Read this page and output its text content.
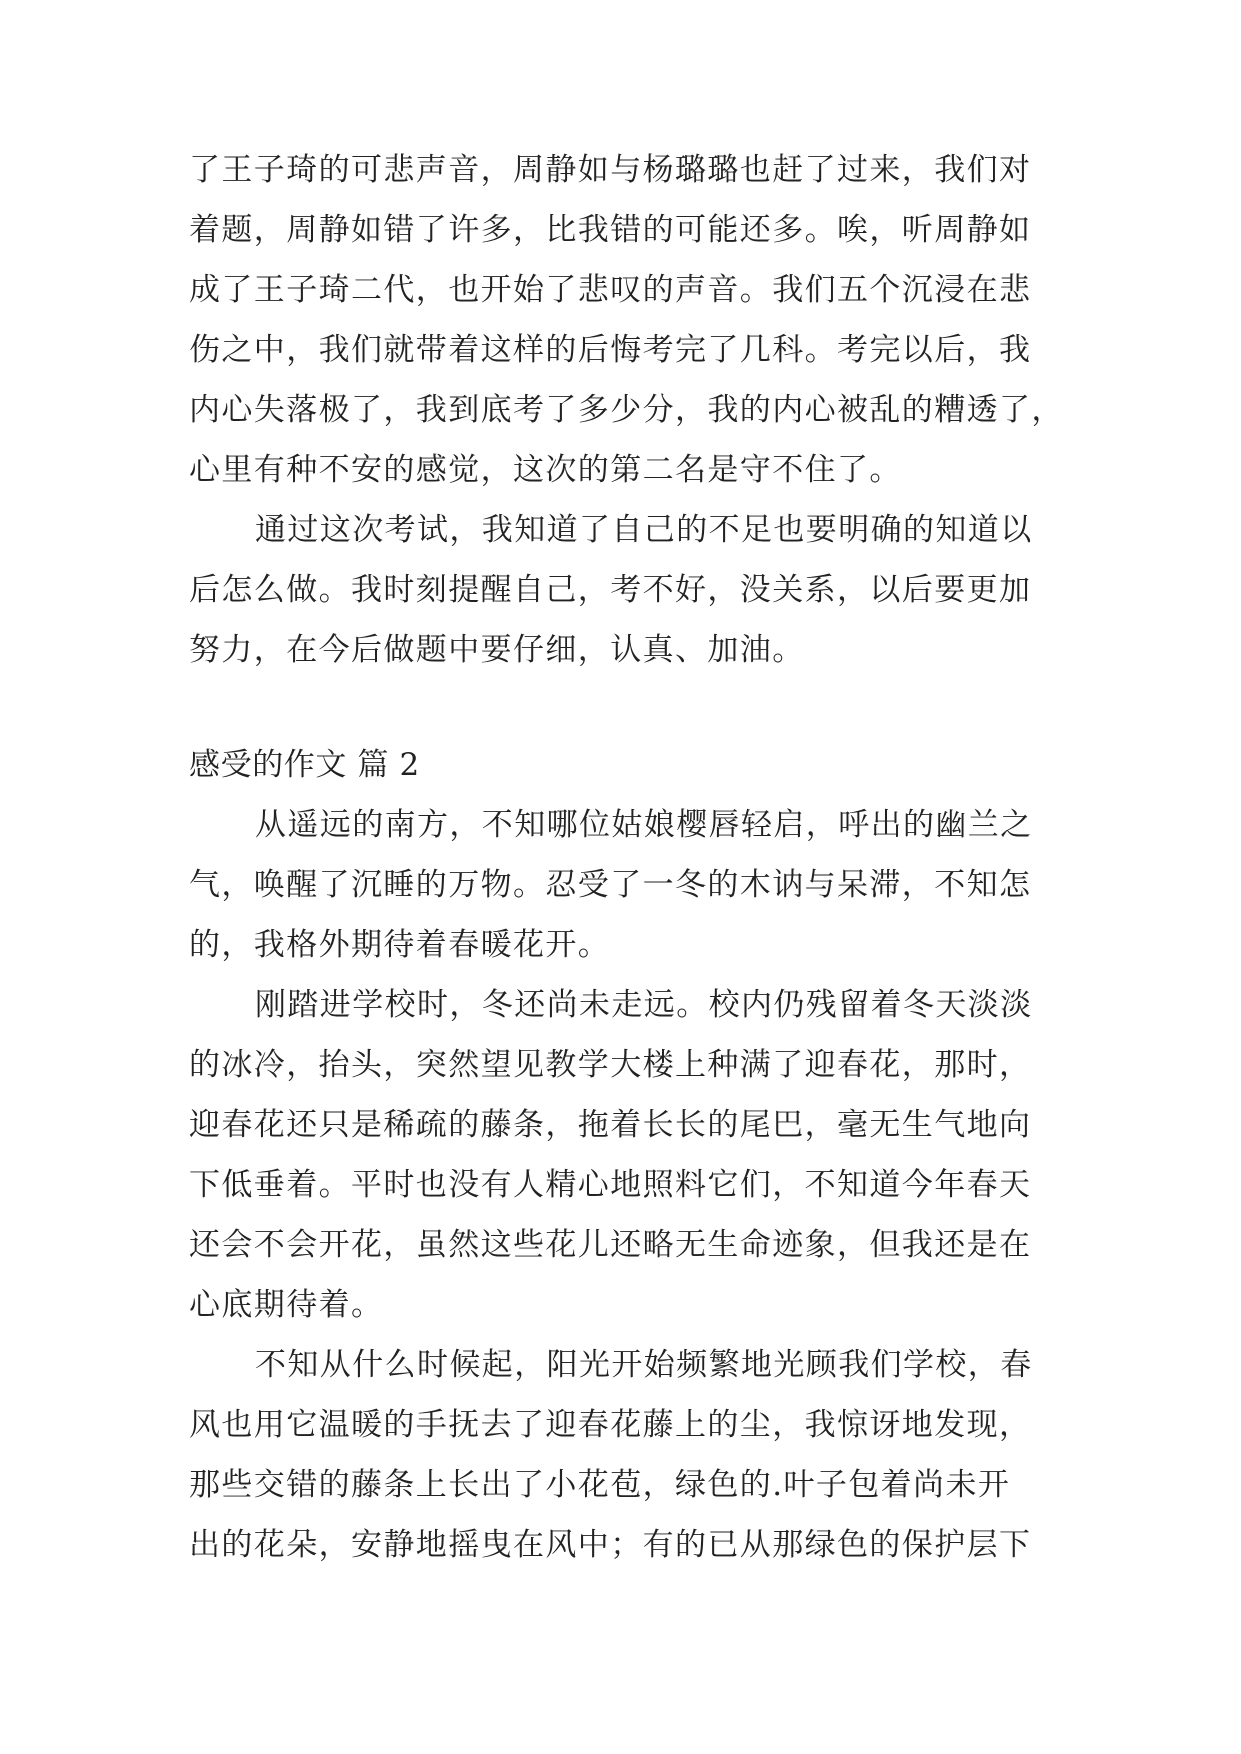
了王子琦的可悲声音，周静如与杨璐璐也赶了过来，我们对
着题，周静如错了许多，比我错的可能还多。唉，听周静如
成了王子琦二代，也开始了悲叹的声音。我们五个沉浸在悲
伤之中，我们就带着这样的后悔考完了几科。考完以后，我
内心失落极了，我到底考了多少分，我的内心被乱的糟透了，
心里有种不安的感觉，这次的第二名是守不住了。
通过这次考试，我知道了自己的不足也要明确的知道以
后怎么做。我时刻提醒自己，考不好，没关系，以后要更加
努力，在今后做题中要仔细，认真、加油。
感受的作文 篇 2
从遥远的南方，不知哪位姑娘樱唇轻启，呼出的幽兰之
气，唤醒了沉睡的万物。忍受了一冬的木讷与呆滞，不知怎
的，我格外期待着春暖花开。
刚踏进学校时，冬还尚未走远。校内仍残留着冬天淡淡
的冰冷，抬头，突然望见教学大楼上种满了迎春花，那时，
迎春花还只是稀疏的藤条，拖着长长的尾巴，毫无生气地向
下低垂着。平时也没有人精心地照料它们，不知道今年春天
还会不会开花，虽然这些花儿还略无生命迹象，但我还是在
心底期待着。
不知从什么时候起，阳光开始频繁地光顾我们学校，春
风也用它温暖的手抚去了迎春花藤上的尘，我惊讶地发现，
那些交错的藤条上长出了小花苞，绿色的.叶子包着尚未开
出的花朵，安静地摇曳在风中；有的已从那绿色的保护层下
